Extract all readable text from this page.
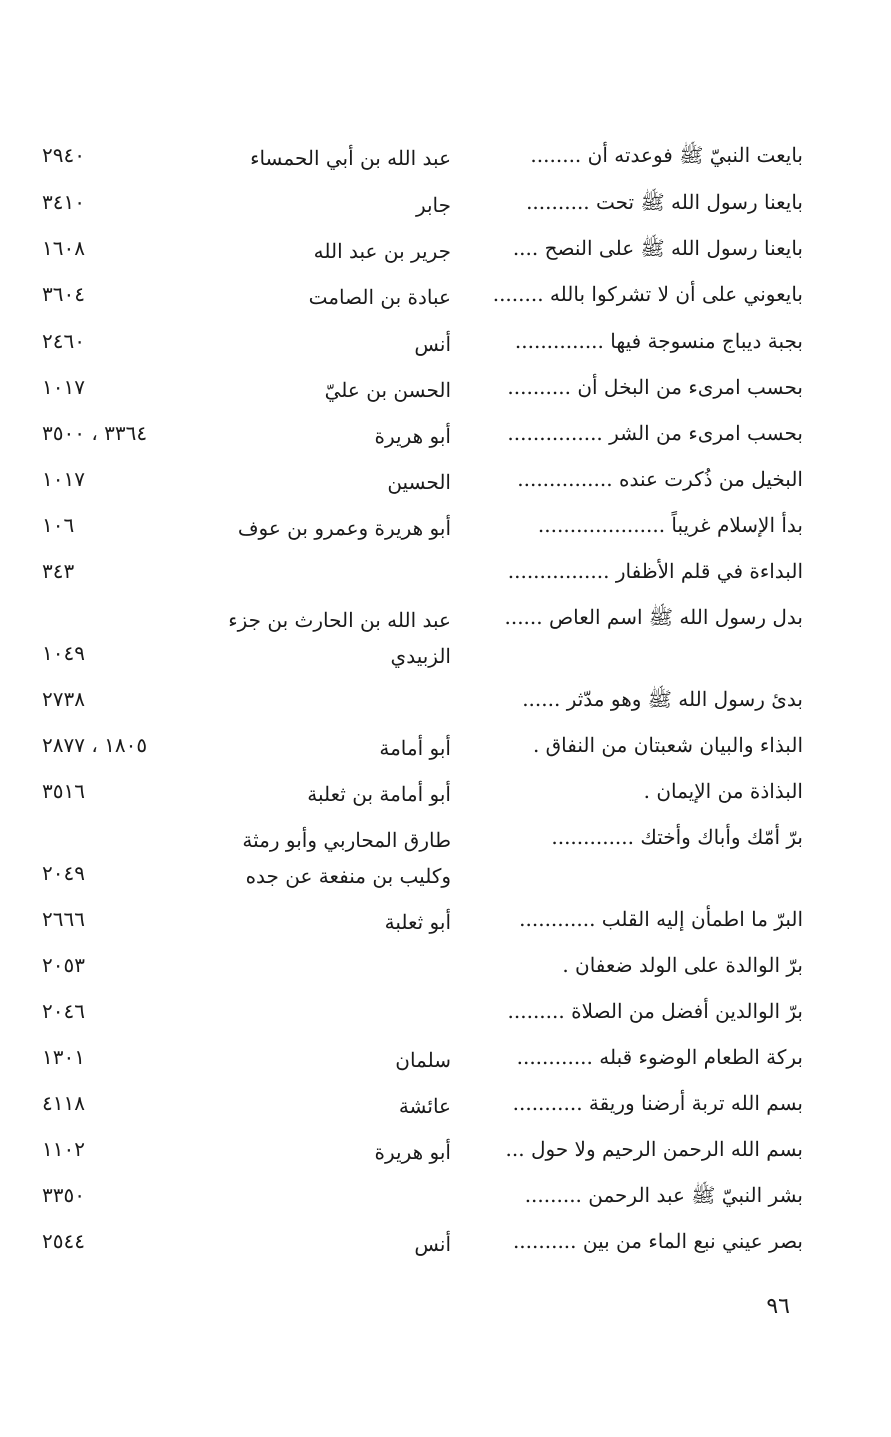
بايعت النبيّ ﷺ فوعدته أن ........
عبد الله بن أبي الحمساء
٢٩٤٠
بايعنا رسول الله ﷺ تحت ..........
جابر
٣٤١٠
بايعنا رسول الله ﷺ على النصح ....
جرير بن عبد الله
١٦٠٨
بايعوني على أن لا تشركوا بالله ........
عبادة بن الصامت
٣٦٠٤
بجبة ديباج منسوجة فيها ..............
أنس
٢٤٦٠
بحسب امرىء من البخل أن ..........
الحسن بن عليّ
١٠١٧
بحسب امرىء من الشر ...............
أبو هريرة
٣٣٦٤ ، ٣٥٠٠
البخيل من ذُكرت عنده ...............
الحسين
١٠١٧
بدأ الإسلام غريباً ....................
أبو هريرة وعمرو بن عوف
١٠٦
البداءة في قلم الأظفار ................
٣٤٣
بدل رسول الله ﷺ اسم العاص ......
عبد الله بن الحارث بن جزء الزبيدي
١٠٤٩
بدئ رسول الله ﷺ وهو مدّثر ......
٢٧٣٨
البذاء والبيان شعبتان من النفاق .
أبو أمامة
١٨٠٥ ، ٢٨٧٧
البذاذة من الإيمان .
أبو أمامة بن ثعلبة
٣٥١٦
برّ أمّك وأباك وأختك .............
طارق المحاربي وأبو رمثة وكليب بن منفعة عن جده
٢٠٤٩
البرّ ما اطمأن إليه القلب ............
أبو ثعلبة
٢٦٦٦
برّ الوالدة على الولد ضعفان .
٢٠٥٣
برّ الوالدين أفضل من الصلاة .........
٢٠٤٦
بركة الطعام الوضوء قبله ............
سلمان
١٣٠١
بسم الله تربة أرضنا وريقة ...........
عائشة
٤١١٨
بسم الله الرحمن الرحيم ولا حول ...
أبو هريرة
١١٠٢
بشر النبيّ ﷺ عبد الرحمن .........
٣٣٥٠
بصر عيني نبع الماء من بين ..........
أنس
٢٥٤٤
٩٦
